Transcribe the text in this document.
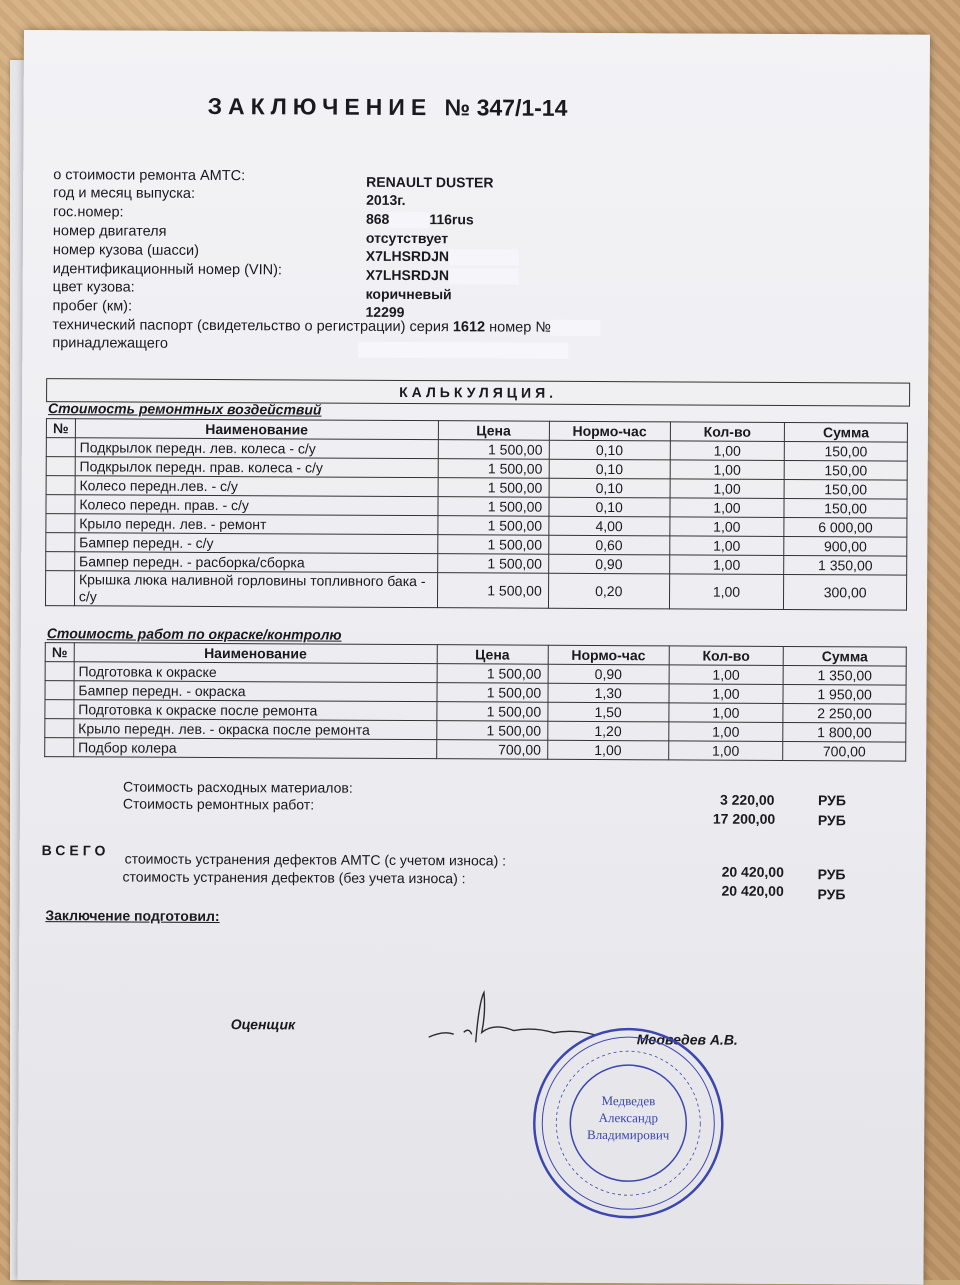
ЗАКЛЮЧЕНИЕ № 347/1-14
о стоимости ремонта АМТС:	RENAULT DUSTER
год и месяц выпуска:	2013г.
гос.номер:	868	116rus
номер двигателя	отсутствует
номер кузова (шасси)	X7LHSRDJN
идентификационный номер (VIN):	X7LHSRDJN
цвет кузова:	коричневый
пробег (км):	12299
технический паспорт (свидетельство о регистрации) серия 1612 номер №
принадлежащего
КАЛЬКУЛЯЦИЯ.
Стоимость ремонтных воздействий
№	Наименование	Цена	Нормо-час	Кол-во	Сумма
	Подкрылок передн. лев. колеса - с/у	1 500,00	0,10	1,00	150,00
	Подкрылок передн. прав. колеса - с/у	1 500,00	0,10	1,00	150,00
	Колесо передн.лев. - с/у	1 500,00	0,10	1,00	150,00
	Колесо передн. прав. - с/у	1 500,00	0,10	1,00	150,00
	Крыло передн. лев. - ремонт	1 500,00	4,00	1,00	6 000,00
	Бампер передн. - с/у	1 500,00	0,60	1,00	900,00
	Бампер передн. - расборка/сборка	1 500,00	0,90	1,00	1 350,00
	Крышка люка наливной горловины топливного бака - с/у	1 500,00	0,20	1,00	300,00
Стоимость работ по окраске/контролю
№	Наименование	Цена	Нормо-час	Кол-во	Сумма
	Подготовка к окраске	1 500,00	0,90	1,00	1 350,00
	Бампер передн. - окраска	1 500,00	1,30	1,00	1 950,00
	Подготовка к окраске после ремонта	1 500,00	1,50	1,00	2 250,00
	Крыло передн. лев. - окраска после ремонта	1 500,00	1,20	1,00	1 800,00
	Подбор колера	700,00	1,00	1,00	700,00
Стоимость расходных материалов:
3 220,00	РУБ
Стоимость ремонтных работ:
17 200,00	РУБ
ВСЕГО
стоимость устранения дефектов АМТС (с учетом износа) :
20 420,00 РУБ
стоимость устранения дефектов (без учета износа) :
20 420,00 РУБ
Заключение подготовил:
Оценщик
Медведев А.В.
Медведев
Александр
Владимирович
